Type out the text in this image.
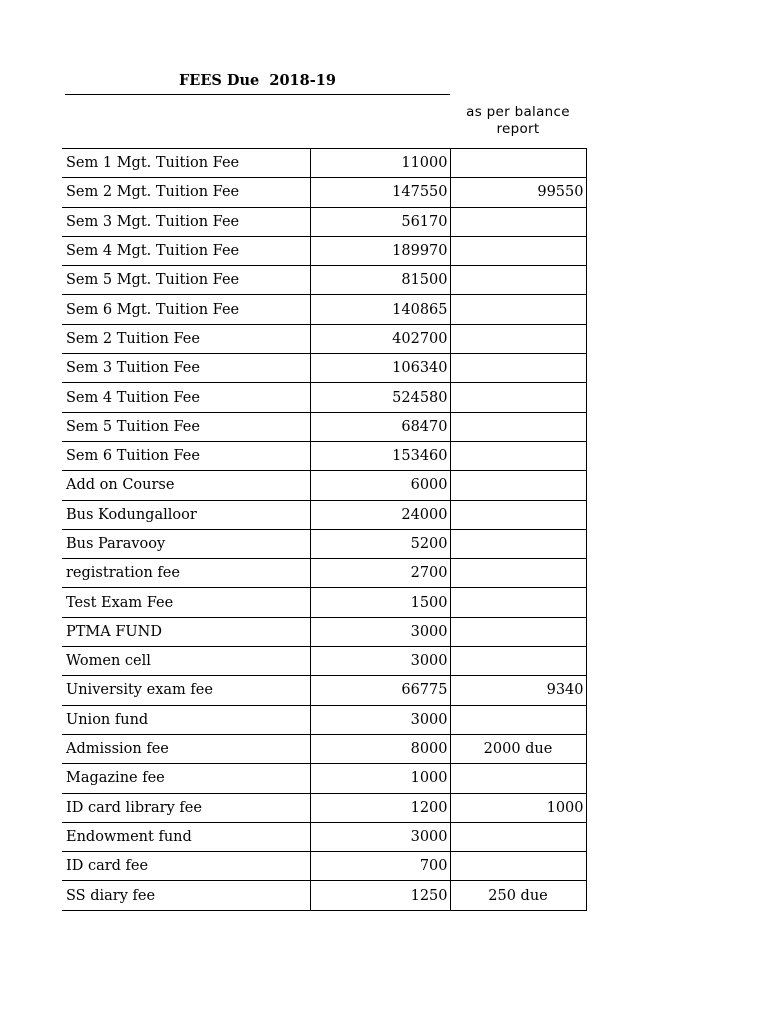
FEES Due  2018-19
as per balance
report
Sem 1 Mgt. Tuition Fee	11000	
Sem 2 Mgt. Tuition Fee	147550	99550
Sem 3 Mgt. Tuition Fee	56170	
Sem 4 Mgt. Tuition Fee	189970	
Sem 5 Mgt. Tuition Fee	81500	
Sem 6 Mgt. Tuition Fee	140865	
Sem 2 Tuition Fee	402700	
Sem 3 Tuition Fee	106340	
Sem 4 Tuition Fee	524580	
Sem 5 Tuition Fee	68470	
Sem 6 Tuition Fee	153460	
Add on Course	6000	
Bus Kodungalloor	24000	
Bus Paravooy	5200	
registration fee	2700	
Test Exam Fee	1500	
PTMA FUND	3000	
Women cell	3000	
University exam fee	66775	9340
Union fund	3000	
Admission fee	8000	2000 due
Magazine fee	1000	
ID card library fee	1200	1000
Endowment fund	3000	
ID card fee	700	
SS diary fee	1250	250 due
